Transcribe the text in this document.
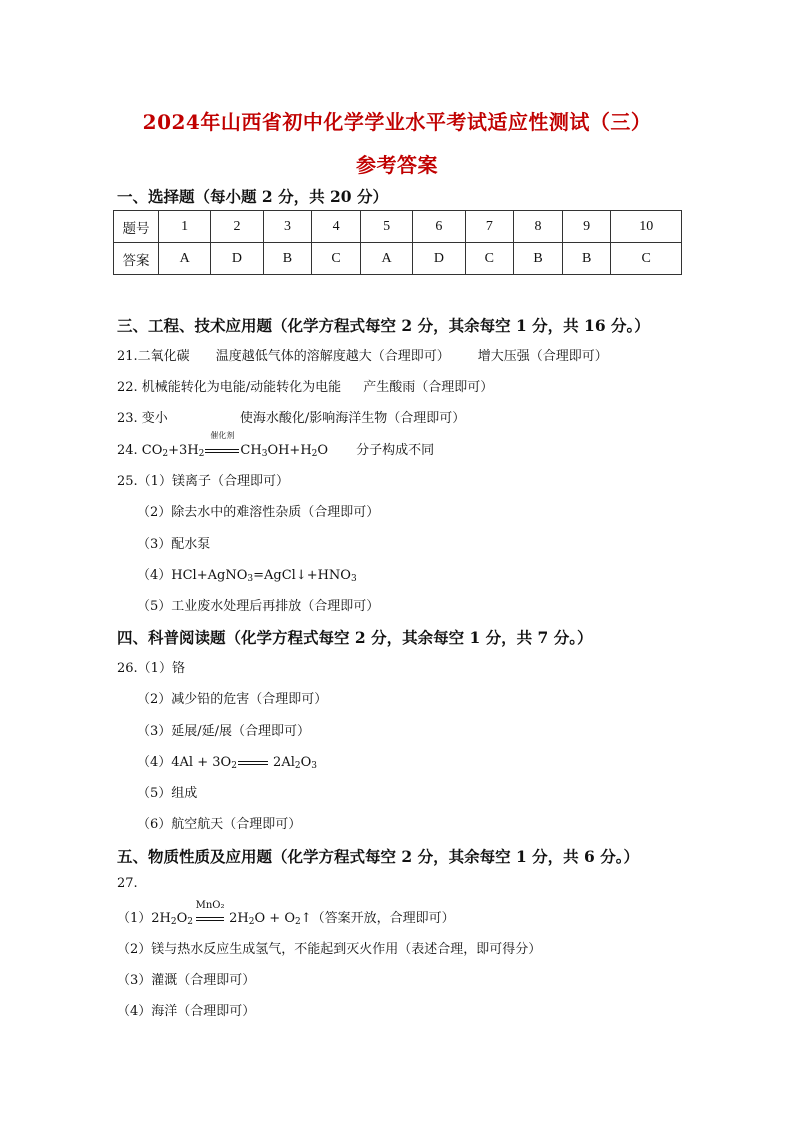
2024年山西省初中化学学业水平考试适应性测试（三）
参考答案
一、选择题（每小题 2 分，共 20 分）
题号	1	2	3	4	5	6	7	8	9	10
答案	A	D	B	C	A	D	C	B	B	C
三、工程、技术应用题（化学方程式每空 2 分，其余每空 1 分，共 16 分。）
21.二氧化碳 温度越低气体的溶解度越大（合理即可） 增大压强（合理即可）
22. 机械能转化为电能/动能转化为电能 产生酸雨（合理即可）
23. 变小	使海水酸化/影响海洋生物（合理即可）
24. $CO_2+3H_2$
催化剂
$CH_3OH+H_2O$ 分子构成不同
25.（1）镁离子（合理即可）
（2）除去水中的难溶性杂质（合理即可）
（3）配水泵
$(4)HCl+AgNO_3=AgCl↓+HNO_3$
（5）工业废水处理后再排放（合理即可）
四、科普阅读题（化学方程式每空 2 分，其余每空 1 分，共 7 分。）
26.（1）铬
（2）减少铅的危害（合理即可）
（3）延展/延/展（合理即可）
$(4)4Al + 3O_2$ $2Al_2O_3$
（5）组成
（6）航空航天（合理即可）
五、物质性质及应用题（化学方程式每空 2 分，其余每空 1 分，共 6 分。）
27.
$(1)2H_2O_2$
MnO₂
$2H_2O$ + $O_2↑$（答案开放，合理即可）
（2）镁与热水反应生成氢气，不能起到灭火作用（表述合理，即可得分）
（3）灌溉（合理即可）
（4）海洋（合理即可）
